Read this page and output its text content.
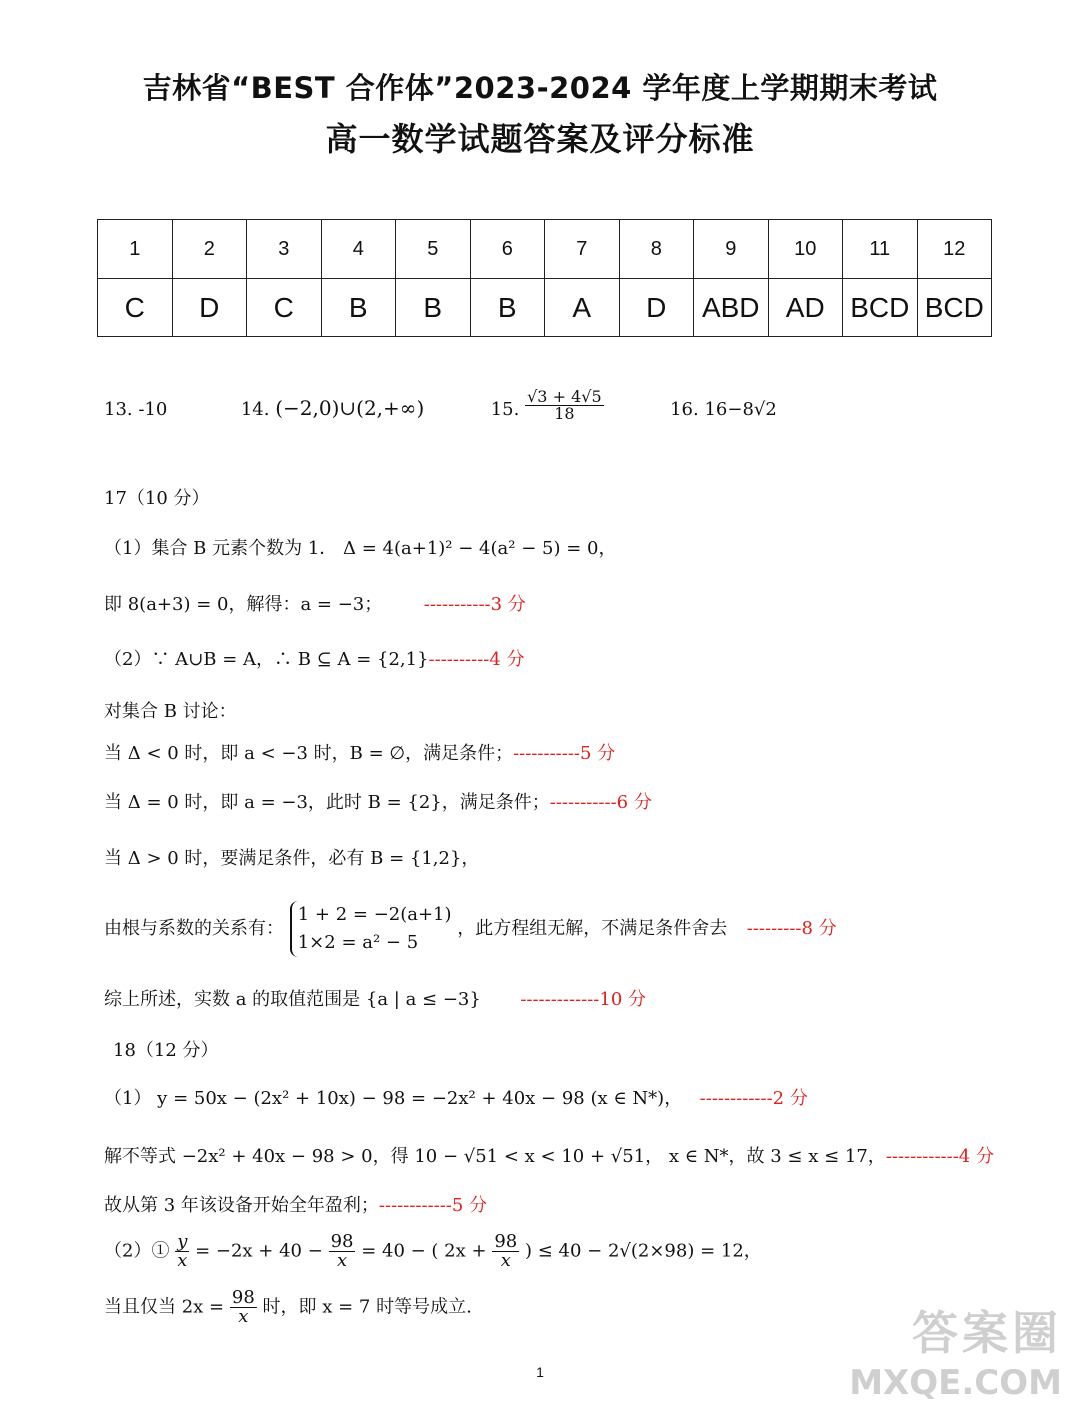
吉林省“BEST 合作体”2023-2024 学年度上学期期末考试
高一数学试题答案及评分标准
1	2	3	4	5	6	7	8	9	10	11	12
C	D	C	B	B	B	A	D	ABD	AD	BCD	BCD
13. -10	14. (−2,0)∪(2,+∞)	15. $\frac{√3 + 4√5}{18}$	16. 16−8√2
17（10 分）
（1）集合 B 元素个数为 1． Δ = 4(a+1)² − 4(a² − 5) = 0，
即 8(a+3) = 0，解得：a = −3； -----------3 分
（2）∵ A∪B = A，∴ B ⊆ A = {2,1}----------4 分
对集合 B 讨论：
当 Δ < 0 时，即 a < −3 时，B = ∅，满足条件；-----------5 分
当 Δ = 0 时，即 a = −3，此时 B = {2}，满足条件；-----------6 分
当 Δ > 0 时，要满足条件，必有 B = {1,2}，
由根与系数的关系有：
1 + 2 = −2(a+1)
1×2 = a² − 5
，此方程组无解，不满足条件舍去 ---------8 分
综上所述，实数 a 的取值范围是 {a | a ≤ −3} -------------10 分
18（12 分）
（1） y = 50x − (2x² + 10x) − 98 = −2x² + 40x − 98 (x ∈ N*)， ------------2 分
解不等式 −2x² + 40x − 98 > 0，得 10 − √51 < x < 10 + √51， x ∈ N*，故 3 ≤ x ≤ 17，------------4 分
故从第 3 年该设备开始全年盈利；------------5 分
（2）① $\frac{y}{x} = -2x + 40 - \frac{98}{x} = 40$ − ( $2x + \frac{98}{x}$ ) ≤ 40 − 2√(2×98) = 12，
当且仅当 $2x = \frac{98}{x}$ 时，即 x = 7 时等号成立.
1
答案圈
MXQE.COM
